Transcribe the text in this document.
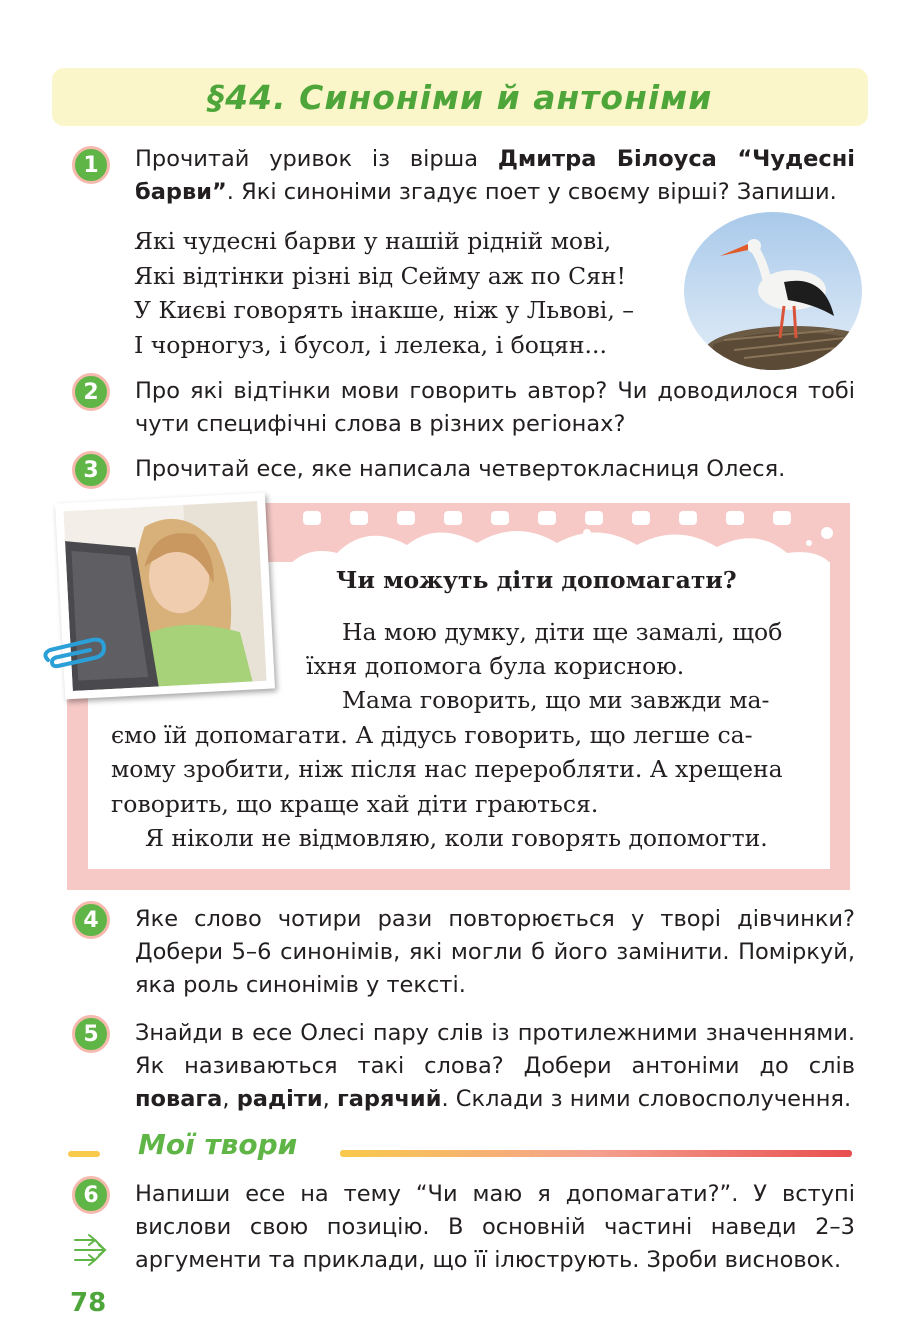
§44. Синоніми й антоніми
1	Прочитай уривок із вірша Дмитра Білоуса “Чудесні барви”. Які синоніми згадує поет у своєму вірші? Запиши.

Які чудесні барви у нашій рідній мові,
Які відтінки різні від Сейму аж по Сян!
У Києві говорять інакше, ніж у Львові, –
І чорногуз, і бусол, і лелека, і боцян...
2	Про які відтінки мови говорить автор? Чи доводилося тобі чути специфічні слова в різних регіонах?

3	Прочитай есе, яке написала четвертокласниця Олеся.

Чи можуть діти допомагати?

На мою думку, діти ще замалі, щоб

їхня допомога була корисною.

Мама говорить, що ми завжди ма-

ємо їй допомагати. А дідусь говорить, що легше са-

мому зробити, ніж після нас переробляти. А хрещена

говорить, що краще хай діти граються.

Я ніколи не відмовляю, коли говорять допомогти.

4	Яке слово чотири рази повторюється у творі дівчинки? Добери 5–6 синонімів, які могли б його замінити. Поміркуй, яка роль синонімів у тексті.

5	Знайди в есе Олесі пару слів із протилежними значеннями. Як називаються такі слова? Добери антоніми до слів повага, радіти, гарячий. Склади з ними словосполучення.

Мої твори
6	Напиши есе на тему “Чи маю я допомагати?”. У вступі вислови свою позицію. В основній частині наведи 2–3 аргументи та приклади, що її ілюструють. Зроби висновок.

78
